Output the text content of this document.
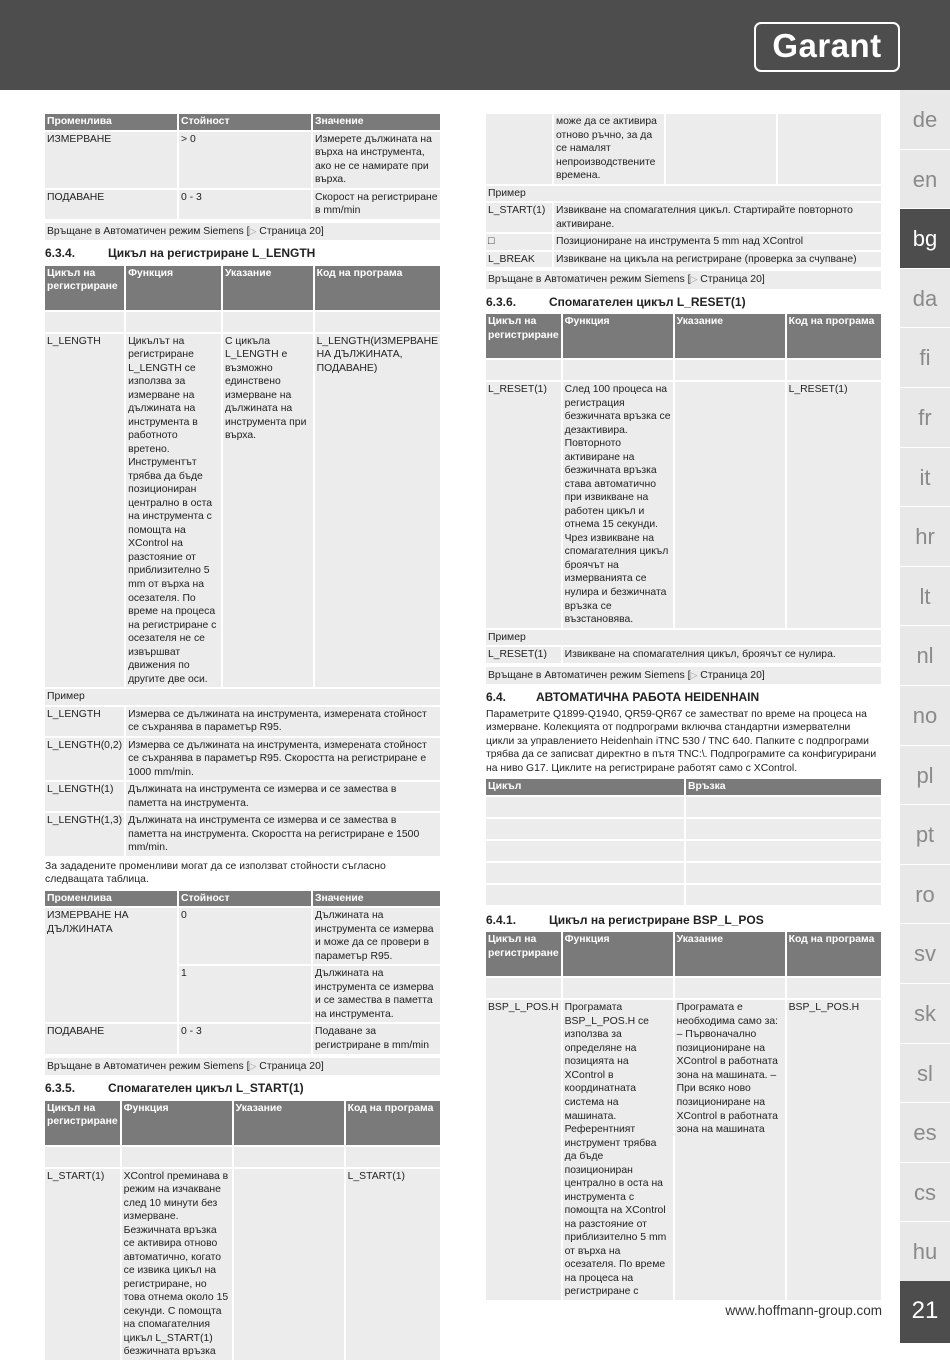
Garant
de
en
bg
da
fi
fr
it
hr
lt
nl
no
pl
pt
ro
sv
sk
sl
es
cs
hu
21
www.hoffmann-group.com
Променлива	Стойност	Значение
ИЗМЕРВАНЕ	> 0	Измерете дължината на върха на инструмента, ако не се намирате при върха.
ПОДАВАНЕ	0 - 3	Скорост на регистриране в mm/min
Връщане в Автоматичен режим Siemens [▷ Страница 20]
6.3.4.	Цикъл на регистриране L_LENGTH
Цикъл на регистриране	Функция	Указание	Код на програма

L_LENGTH	Цикълът на регистриране L_LENGTH се използва за измерване на дължината на инструмента в работното вретено. Инструментът трябва да бъде позициониран централно в оста на инструмента с помощта на XControl на разстояние от приблизително 5 mm от върха на осезателя. По време на процеса на регистриране с осезателя не се извършват движения по другите две оси.	С цикъла L_LENGTH е възможно единствено измерване на дължината на инструмента при върха.	L_LENGTH(ИЗМЕРВАНЕ НА ДЪЛЖИНАТА, ПОДАВАНЕ)
Пример			
L_LENGTH	Измерва се дължината на инструмента, измерената стойност се съхранява в параметър R95.		
L_LENGTH(0,2)	Измерва се дължината на инструмента, измерената стойност се съхранява в параметър R95. Скоростта на регистриране е 1000 mm/min.		
L_LENGTH(1)	Дължината на инструмента се измерва и се замества в паметта на инструмента.		
L_LENGTH(1,3)	Дължината на инструмента се измерва и се замества в паметта на инструмента. Скоростта на регистриране е 1500 mm/min.		
За зададените променливи могат да се използват стойности съгласно следващата таблица.
Променлива	Стойност	Значение
ИЗМЕРВАНЕ НА ДЪЛЖИНАТА	0	Дължината на инструмента се измерва и може да се провери в параметър R95.
	1	Дължината на инструмента се измерва и се замества в паметта на инструмента.
ПОДАВАНЕ	0 - 3	Подаване за регистриране в mm/min
Връщане в Автоматичен режим Siemens [▷ Страница 20]
6.3.5.	Спомагателен цикъл L_START(1)
Цикъл на регистриране	Функция	Указание	Код на програма

L_START(1)	XControl преминава в режим на изчакване след 10 минути без измерване. Безжичната връзка се активира отново автоматично, когато се извика цикъл на регистриране, но това отнема около 15 секунди. С помощта на спомагателния цикъл L_START(1) безжичната връзка		L_START(1)
	може да се активира отново ръчно, за да се намалят непроизводствените времена.		
Пример			
L_START(1)	Извикване на спомагателния цикъл. Стартирайте повторното активиране.		
□	Позициониране на инструмента 5 mm над XControl		
L_BREAK	Извикване на цикъла на регистриране (проверка за счупване)		
Връщане в Автоматичен режим Siemens [▷ Страница 20]
6.3.6.	Спомагателен цикъл L_RESET(1)
Цикъл на регистриране	Функция	Указание	Код на програма

L_RESET(1)	След 100 процеса на регистрация безжичната връзка се дезактивира. Повторното активиране на безжичната връзка става автоматично при извикване на работен цикъл и отнема 15 секунди. Чрез извикване на спомагателния цикъл броячът на измерванията се нулира и безжичната връзка се възстановява.		L_RESET(1)
Пример			
L_RESET(1)	Извикване на спомагателния цикъл, броячът се нулира.		
Връщане в Автоматичен режим Siemens [▷ Страница 20]
6.4.	АВТОМАТИЧНА РАБОТА HEIDENHAIN
Параметрите Q1899-Q1940, QR59-QR67 се заместват по време на процеса на измерване. Колекцията от подпрограми включва стандартни измервателни цикли за управлението Heidenhain iTNC 530 / TNC 640. Папките с подпрограми трябва да се записват директно в пътя TNC:\. Подпрограмите са конфигурирани на ниво G17. Циклите на регистриране работят само с XControl.
Цикъл	Връзка

6.4.1.	Цикъл на регистриране BSP_L_POS
Цикъл на регистриране	Функция	Указание	Код на програма

BSP_L_POS.H	Програмата BSP_L_POS.H се използва за определяне на позицията на XControl в координатната система на машината. Референтният инструмент трябва да бъде позициониран централно в оста на инструмента с помощта на XControl на разстояние от приблизително 5 mm от върха на осезателя. По време на процеса на регистриране с	Програмата е необходима само за: – Първоначално позициониране на XControl в работната зона на машината. – При всяко ново позициониране на XControl в работната зона на машината	BSP_L_POS.H
